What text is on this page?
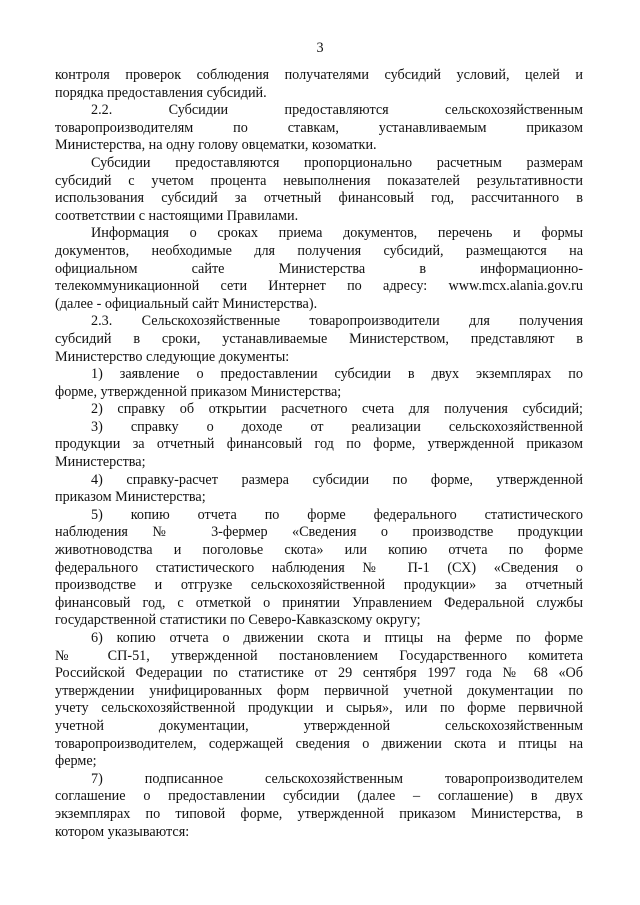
3
контроля проверок соблюдения получателями субсидий условий, целей и
порядка предоставления субсидий.
2.2. Субсидии предоставляются сельскохозяйственным
товаропроизводителям по ставкам, устанавливаемым приказом
Министерства, на одну голову овцематки, козоматки.
Субсидии предоставляются пропорционально расчетным размерам
субсидий с учетом процента невыполнения показателей результативности
использования субсидий за отчетный финансовый год, рассчитанного в
соответствии с настоящими Правилами.
Информация о сроках приема документов, перечень и формы
документов, необходимые для получения субсидий, размещаются на
официальном сайте Министерства в информационно-
телекоммуникационной сети Интернет по адресу: www.mcx.alania.gov.ru
(далее - официальный сайт Министерства).
2.3. Сельскохозяйственные товаропроизводители для получения
субсидий в сроки, устанавливаемые Министерством, представляют в
Министерство следующие документы:
1) заявление о предоставлении субсидии в двух экземплярах по
форме, утвержденной приказом Министерства;
2) справку об открытии расчетного счета для получения субсидий;
3) справку о доходе от реализации сельскохозяйственной
продукции за отчетный финансовый год по форме, утвержденной приказом
Министерства;
4) справку-расчет размера субсидии по форме, утвержденной
приказом Министерства;
5) копию отчета по форме федерального статистического
наблюдения № 3-фермер «Сведения о производстве продукции
животноводства и поголовье скота» или копию отчета по форме
федерального статистического наблюдения № П-1 (СХ) «Сведения о
производстве и отгрузке сельскохозяйственной продукции» за отчетный
финансовый год, с отметкой о принятии Управлением Федеральной службы
государственной статистики по Северо-Кавказскому округу;
6) копию отчета о движении скота и птицы на ферме по форме
№ СП-51, утвержденной постановлением Государственного комитета
Российской Федерации по статистике от 29 сентября 1997 года № 68 «Об
утверждении унифицированных форм первичной учетной документации по
учету сельскохозяйственной продукции и сырья», или по форме первичной
учетной документации, утвержденной сельскохозяйственным
товаропроизводителем, содержащей сведения о движении скота и птицы на
ферме;
7) подписанное сельскохозяйственным товаропроизводителем
соглашение о предоставлении субсидии (далее – соглашение) в двух
экземплярах по типовой форме, утвержденной приказом Министерства, в
котором указываются:
